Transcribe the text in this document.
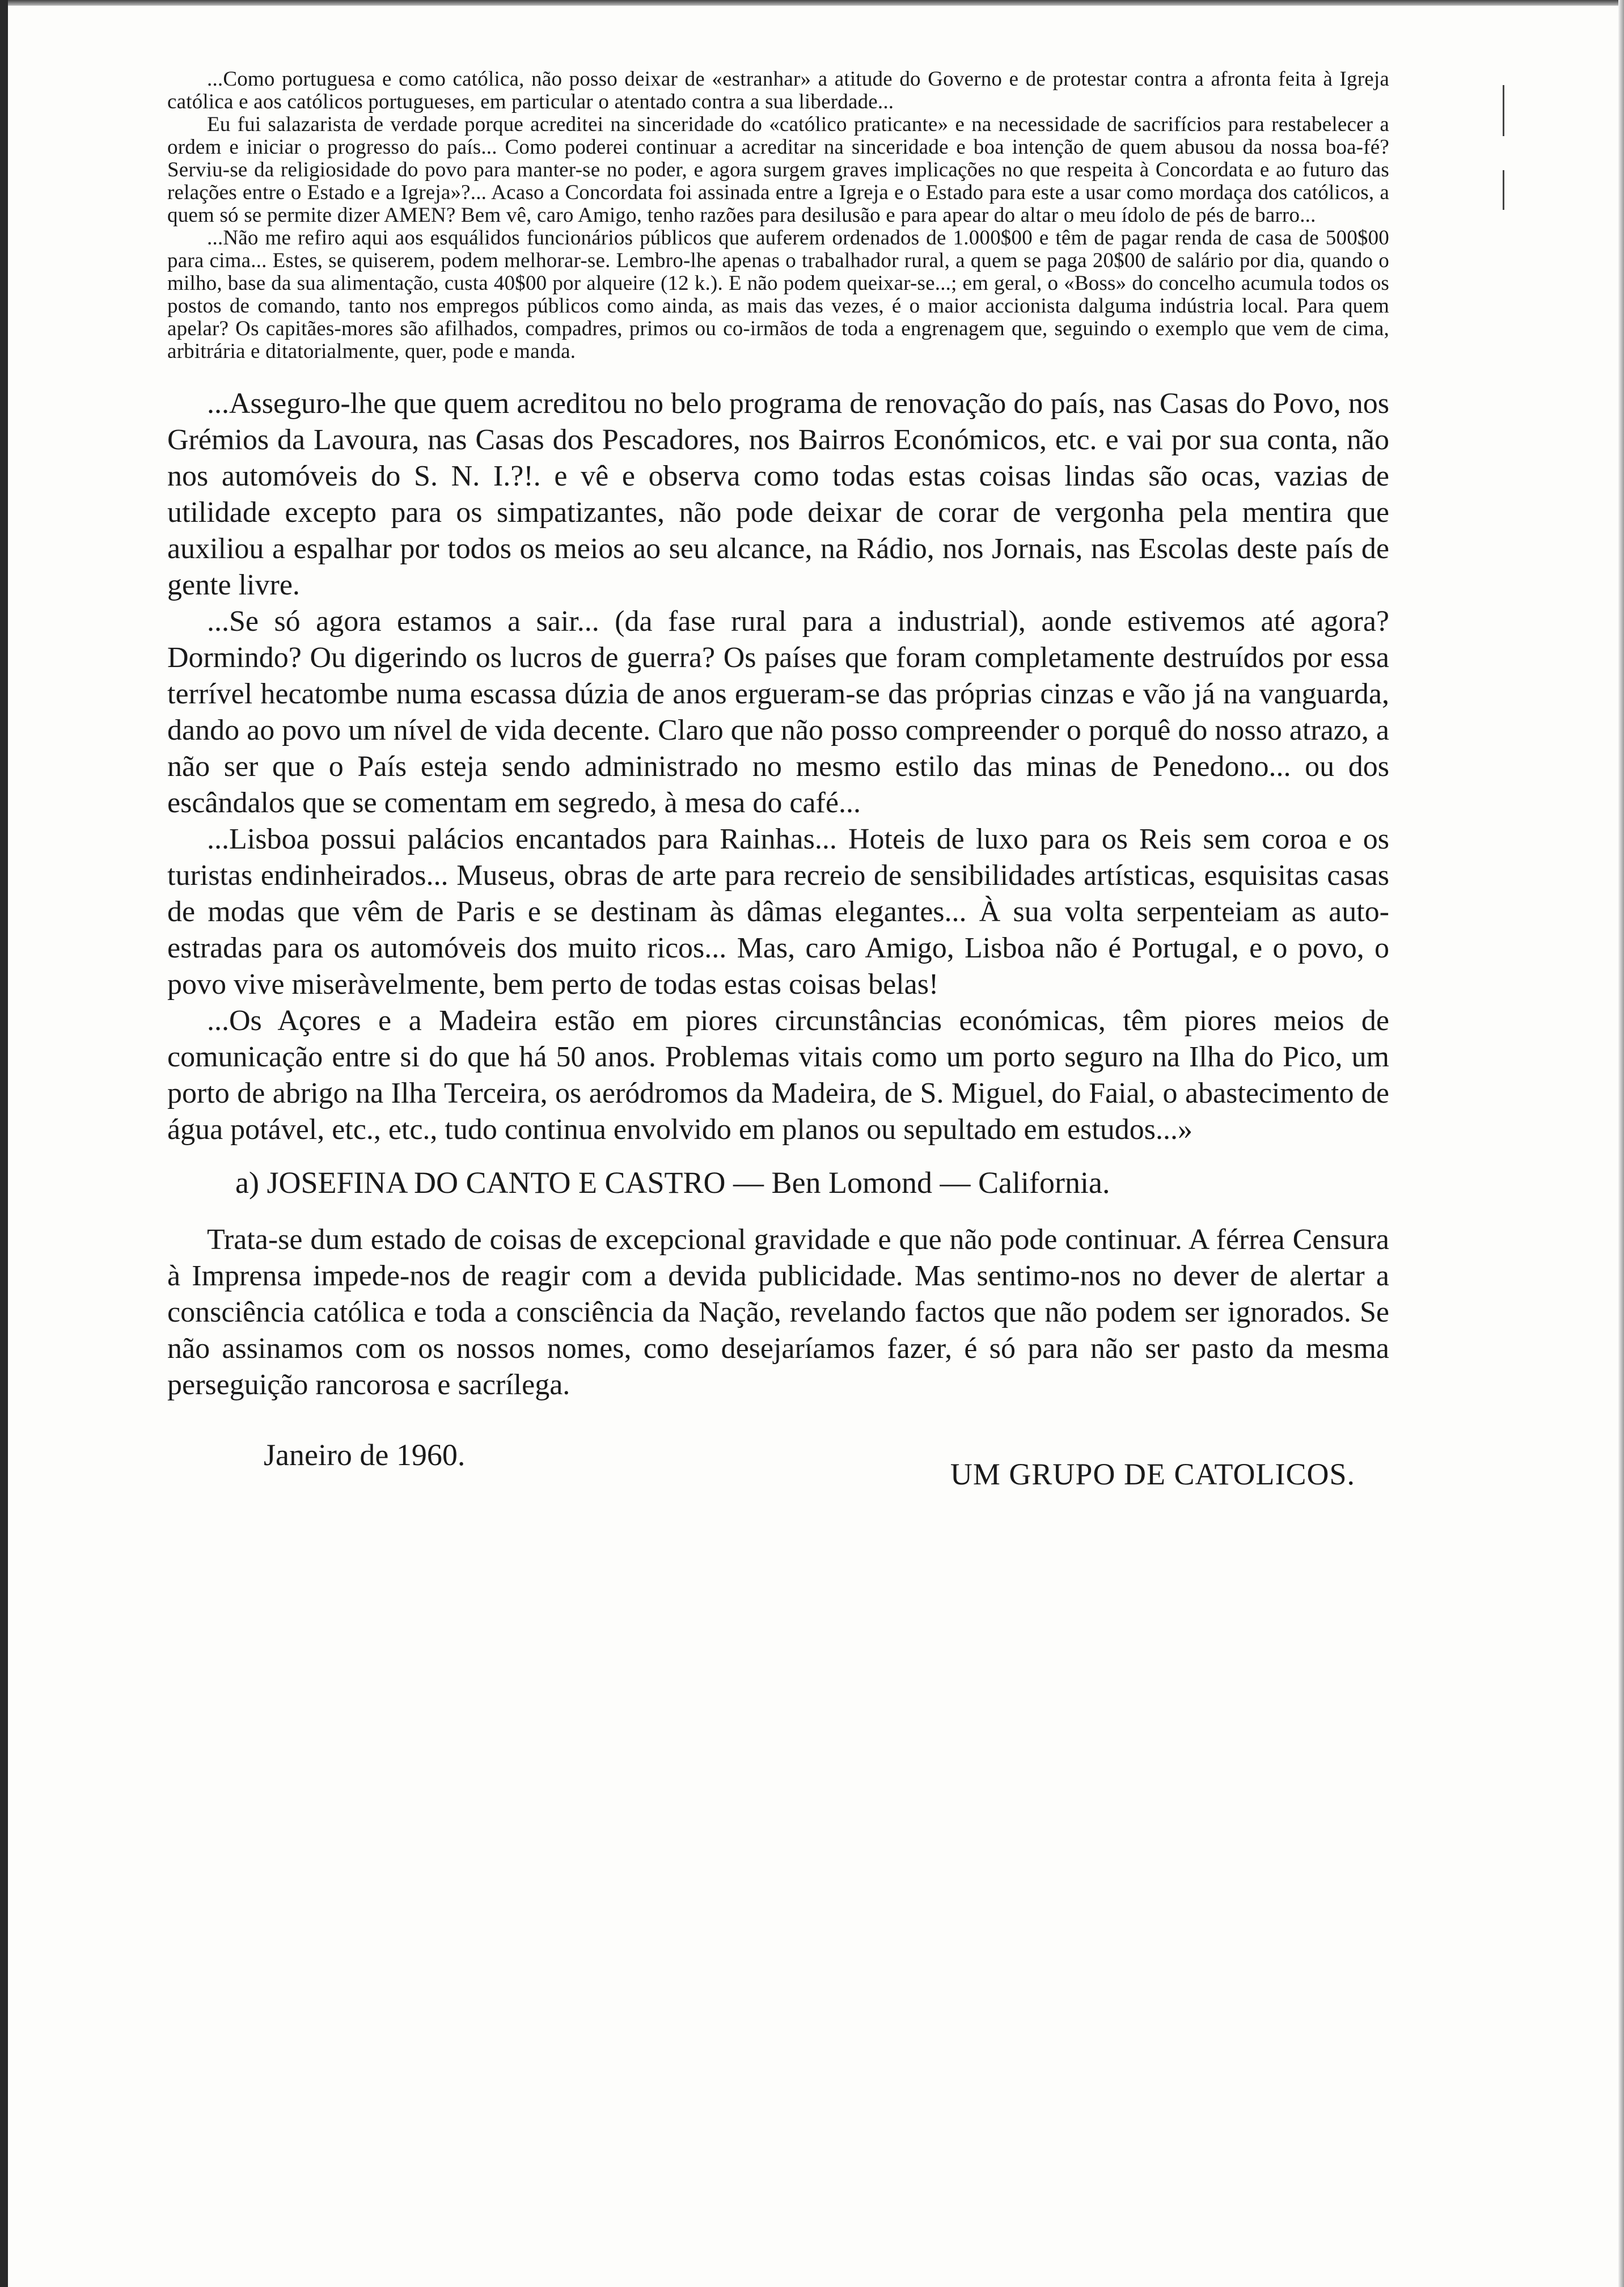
...Como portuguesa e como católica, não posso deixar de «estranhar» a atitude do Governo e de protestar contra a afronta feita à Igreja católica e aos católicos portugueses, em particular o atentado contra a sua liberdade...

Eu fui salazarista de verdade porque acreditei na sinceridade do «católico praticante» e na necessidade de sacrifícios para restabelecer a ordem e iniciar o progresso do país... Como poderei continuar a acreditar na sinceridade e boa intenção de quem abusou da nossa boa-fé? Serviu-se da religiosidade do povo para manter-se no poder, e agora surgem graves implicações no que respeita à Concordata e ao futuro das relações entre o Estado e a Igreja»?... Acaso a Concordata foi assinada entre a Igreja e o Estado para este a usar como mordaça dos católicos, a quem só se permite dizer AMEN? Bem vê, caro Amigo, tenho razões para desilusão e para apear do altar o meu ídolo de pés de barro...

...Não me refiro aqui aos esquálidos funcionários públicos que auferem ordenados de 1.000$00 e têm de pagar renda de casa de 500$00 para cima... Estes, se quiserem, podem melhorar-se. Lembro-lhe apenas o trabalhador rural, a quem se paga 20$00 de salário por dia, quando o milho, base da sua alimentação, custa 40$00 por alqueire (12 k.). E não podem queixar-se...; em geral, o «Boss» do concelho acumula todos os postos de comando, tanto nos empregos públicos como ainda, as mais das vezes, é o maior accionista dalguma indústria local. Para quem apelar? Os capitães-mores são afilhados, compadres, primos ou co-irmãos de toda a engrenagem que, seguindo o exemplo que vem de cima, arbitrária e ditatorialmente, quer, pode e manda.

...Asseguro-lhe que quem acreditou no belo programa de renovação do país, nas Casas do Povo, nos Grémios da Lavoura, nas Casas dos Pescadores, nos Bairros Económicos, etc. e vai por sua conta, não nos automóveis do S. N. I.?!. e vê e observa como todas estas coisas lindas são ocas, vazias de utilidade excepto para os simpatizantes, não pode deixar de corar de vergonha pela mentira que auxiliou a espalhar por todos os meios ao seu alcance, na Rádio, nos Jornais, nas Escolas deste país de gente livre.

...Se só agora estamos a sair... (da fase rural para a industrial), aonde estivemos até agora? Dormindo? Ou digerindo os lucros de guerra? Os países que foram completamente destruídos por essa terrível hecatombe numa escassa dúzia de anos ergueram-se das próprias cinzas e vão já na vanguarda, dando ao povo um nível de vida decente. Claro que não posso compreender o porquê do nosso atrazo, a não ser que o País esteja sendo administrado no mesmo estilo das minas de Penedono... ou dos escândalos que se comentam em segredo, à mesa do café...

...Lisboa possui palácios encantados para Rainhas... Hoteis de luxo para os Reis sem coroa e os turistas endinheirados... Museus, obras de arte para recreio de sensibilidades artísticas, esquisitas casas de modas que vêm de Paris e se destinam às dâmas elegantes... À sua volta serpenteiam as auto-estradas para os automóveis dos muito ricos... Mas, caro Amigo, Lisboa não é Portugal, e o povo, o povo vive miseràvelmente, bem perto de todas estas coisas belas!

...Os Açores e a Madeira estão em piores circunstâncias económicas, têm piores meios de comunicação entre si do que há 50 anos. Problemas vitais como um porto seguro na Ilha do Pico, um porto de abrigo na Ilha Terceira, os aeródromos da Madeira, de S. Miguel, do Faial, o abastecimento de água potável, etc., etc., tudo continua envolvido em planos ou sepultado em estudos...»

a) JOSEFINA DO CANTO E CASTRO — Ben Lomond — California.

Trata-se dum estado de coisas de excepcional gravidade e que não pode continuar. A férrea Censura à Imprensa impede-nos de reagir com a devida publicidade. Mas sentimo-nos no dever de alertar a consciência católica e toda a consciência da Nação, revelando factos que não podem ser ignorados. Se não assinamos com os nossos nomes, como desejaríamos fazer, é só para não ser pasto da mesma perseguição rancorosa e sacrílega.

Janeiro de 1960.
UM GRUPO DE CATOLICOS.
